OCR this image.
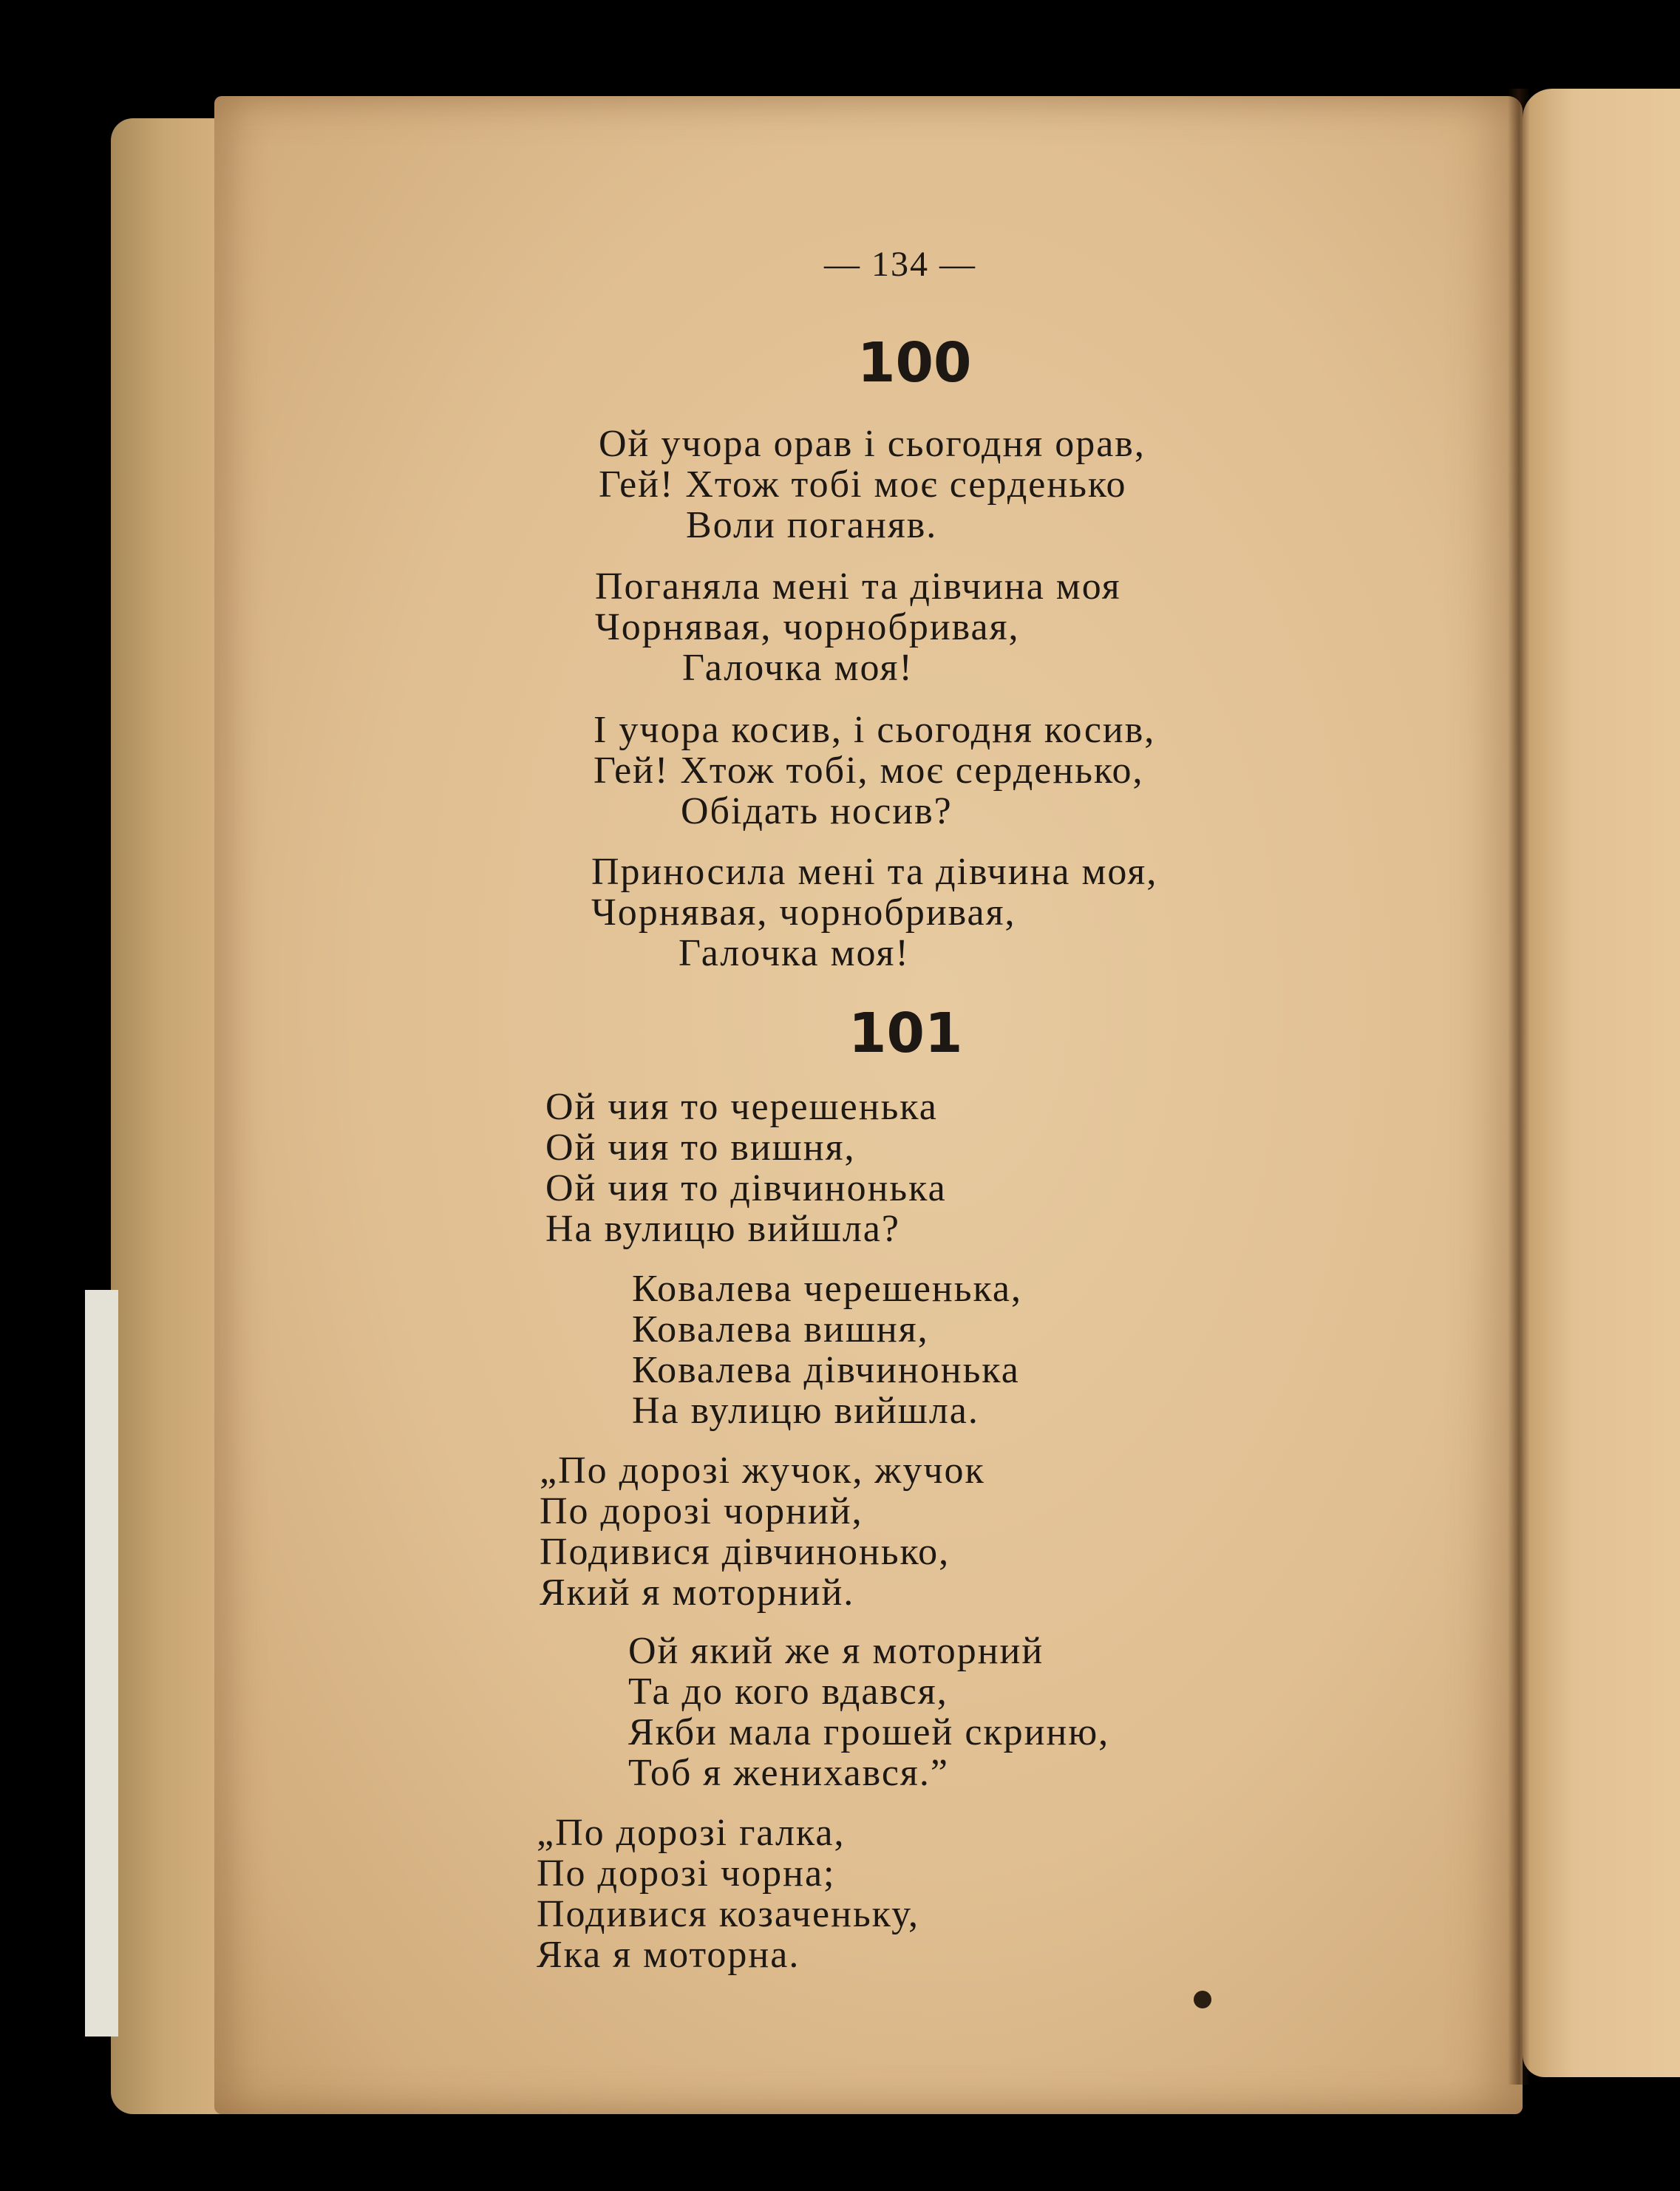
— 134 —
100
Ой учора орав і сьогодня орав,
Гей! Хтож тобі моє серденько
Воли поганяв.
Поганяла мені та дівчина моя
Чорнявая, чорнобривая,
Галочка моя!
І учора косив, і сьогодня косив,
Гей! Хтож тобі, моє серденько,
Обідать носив?
Приносила мені та дівчина моя,
Чорнявая, чорнобривая,
Галочка моя!
101
Ой чия то черешенька
Ой чия то вишня,
Ой чия то дівчинонька
На вулицю вийшла?
Ковалева черешенька,
Ковалева вишня,
Ковалева дівчинонька
На вулицю вийшла.
„По дорозі жучок, жучок
По дорозі чорний,
Подивися дівчинонько,
Який я моторний.
Ой який же я моторний
Та до кого вдався,
Якби мала грошей скриню,
Тоб я женихався.”
„По дорозі галка,
По дорозі чорна;
Подивися козаченьку,
Яка я моторна.
